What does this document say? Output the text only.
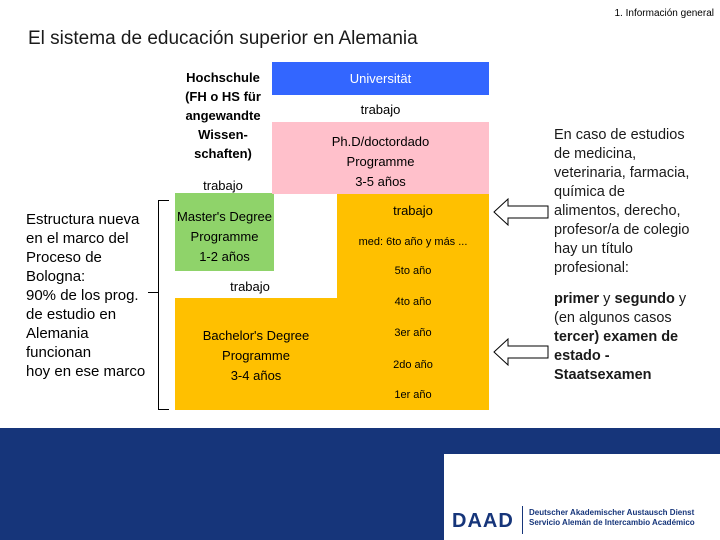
1. Información general
El sistema de educación superior en Alemania
Hochschule
(FH o HS für
angewandte
Wissen-
schaften)
trabajo
Master's Degree
Programme
1-2 años
trabajo
Bachelor's Degree
Programme
3-4 años
Universität
trabajo
Ph.D/doctordado
Programme
3-5 años
trabajo
med: 6to año y más ...
5to año
4to año
3er año
2do año
1er año
Estructura nueva
en el marco del
Proceso de
Bologna:
90% de los prog.
de estudio en
Alemania
funcionan
hoy en ese marco
En caso de estudios
de medicina,
veterinaria, farmacia,
química de
alimentos, derecho,
profesor/a de colegio
hay un título
profesional:
primer y segundo y
(en algunos casos
tercer) examen de
estado -
Staatsexamen
DAAD Deutscher Akademischer Austausch Dienst
Servicio Alemán de Intercambio Académico
